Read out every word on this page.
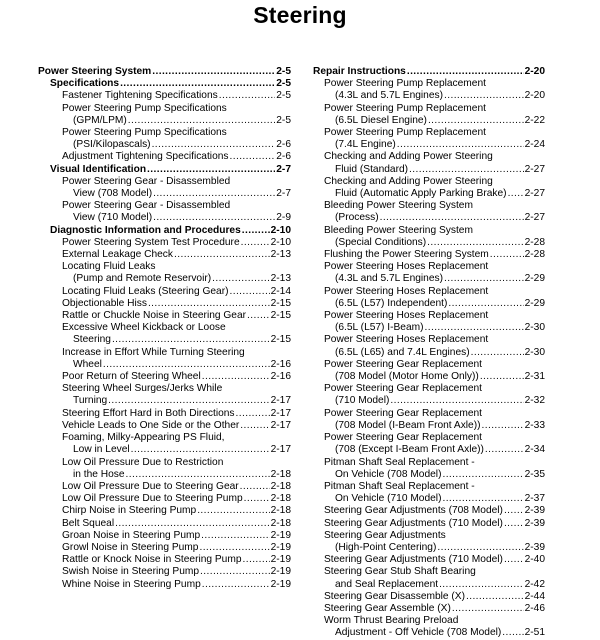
Steering
Power Steering System .....	2-5
Specifications .....	2-5
Fastener Tightening Specifications .....	2-5
Power Steering Pump Specifications
(GPM/LPM) .....	2-5
Power Steering Pump Specifications
(PSI/Kilopascals) .....	2-6
Adjustment Tightening Specifications .....	2-6
Visual Identification .....	2-7
Power Steering Gear - Disassembled
View (708 Model) .....	2-7
Power Steering Gear - Disassembled
View (710 Model) .....	2-9
Diagnostic Information and Procedures .....	2-10
Power Steering System Test Procedure .....	2-10
External Leakage Check .....	2-13
Locating Fluid Leaks
(Pump and Remote Reservoir) .....	2-13
Locating Fluid Leaks (Steering Gear) .....	2-14
Objectionable Hiss .....	2-15
Rattle or Chuckle Noise in Steering Gear ..... 2-15
Excessive Wheel Kickback or Loose
Steering .....	2-15
Increase in Effort While Turning Steering
Wheel .....	2-16
Poor Return of Steering Wheel .....	2-16
Steering Wheel Surges/Jerks While
Turning .....	2-17
Steering Effort Hard in Both Directions .....	2-17
Vehicle Leads to One Side or the Other .....	2-17
Foaming, Milky-Appearing PS Fluid,
Low in Level .....	2-17
Low Oil Pressure Due to Restriction
in the Hose .....	2-18
Low Oil Pressure Due to Steering Gear .....	2-18
Low Oil Pressure Due to Steering Pump .....	2-18
Chirp Noise in Steering Pump .....	2-18
Belt Squeal .....	2-18
Groan Noise in Steering Pump .....	2-19
Growl Noise in Steering Pump .....	2-19
Rattle or Knock Noise in Steering Pump .....	2-19
Swish Noise in Steering Pump .....	2-19
Whine Noise in Steering Pump .....	2-19
Repair Instructions .....	2-20
Power Steering Pump Replacement
(4.3L and 5.7L Engines) .....	2-20
Power Steering Pump Replacement
(6.5L Diesel Engine) .....	2-22
Power Steering Pump Replacement
(7.4L Engine) .....	2-24
Checking and Adding Power Steering
Fluid (Standard) .....	2-27
Checking and Adding Power Steering
Fluid (Automatic Apply Parking Brake) ..... 2-27
Bleeding Power Steering System
(Process) .....	2-27
Bleeding Power Steering System
(Special Conditions) .....	2-28
Flushing the Power Steering System .....	2-28
Power Steering Hoses Replacement
(4.3L and 5.7L Engines) .....	2-29
Power Steering Hoses Replacement
(6.5L (L57) Independent) .....	2-29
Power Steering Hoses Replacement
(6.5L (L57) I-Beam) .....	2-30
Power Steering Hoses Replacement
(6.5L (L65) and 7.4L Engines) .....	2-30
Power Steering Gear Replacement
(708 Model (Motor Home Only)) .....	2-31
Power Steering Gear Replacement
(710 Model) .....	2-32
Power Steering Gear Replacement
(708 Model (I-Beam Front Axle)) .....	2-33
Power Steering Gear Replacement
(708 (Except I-Beam Front Axle)) .....	2-34
Pitman Shaft Seal Replacement -
On Vehicle (708 Model) .....	2-35
Pitman Shaft Seal Replacement -
On Vehicle (710 Model) .....	2-37
Steering Gear Adjustments (708 Model) ..... 2-39
Steering Gear Adjustments (710 Model) ..... 2-39
Steering Gear Adjustments
(High-Point Centering) .....	2-39
Steering Gear Adjustments (710 Model) ..... 2-40
Steering Gear Stub Shaft Bearing
and Seal Replacement .....	2-42
Steering Gear Disassemble (X) .....	2-44
Steering Gear Assemble (X) .....	2-46
Worm Thrust Bearing Preload
Adjustment - Off Vehicle (708 Model) ..... 2-51
